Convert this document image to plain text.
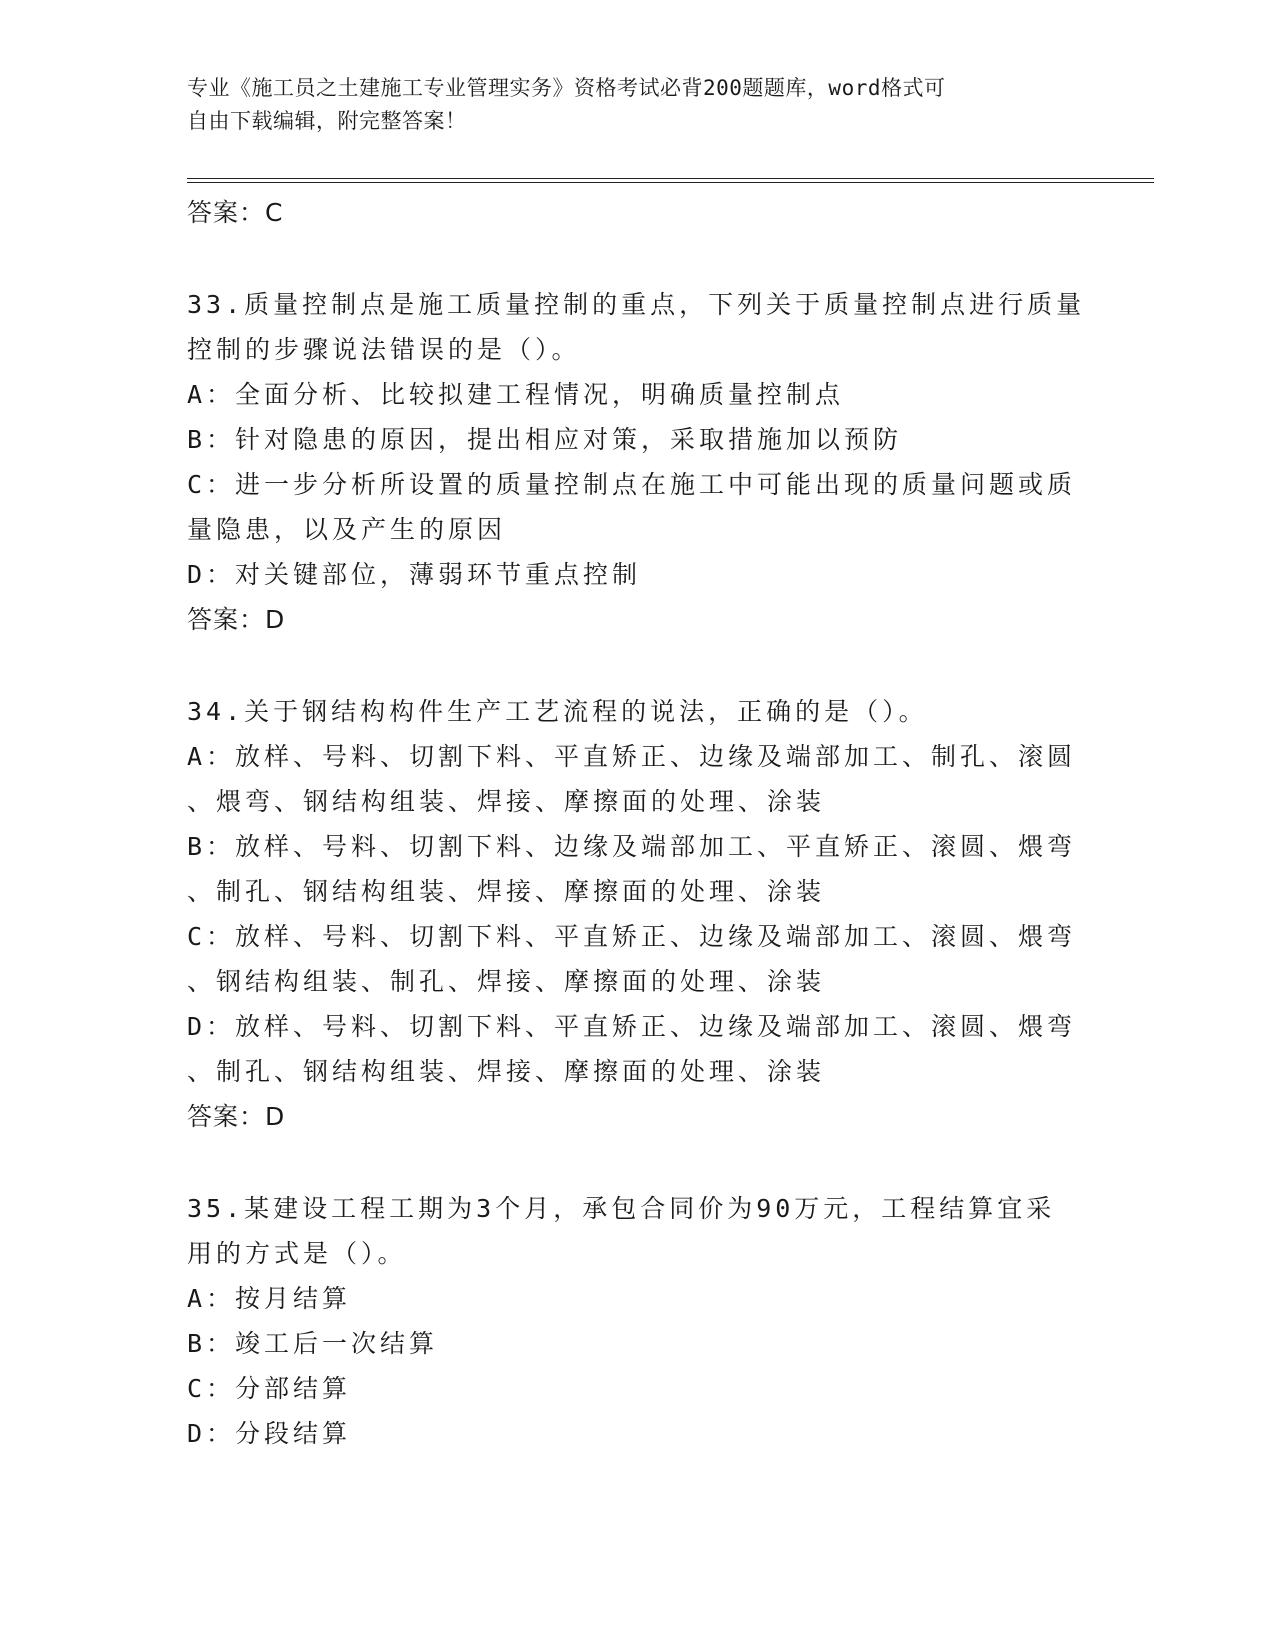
专业《施工员之土建施工专业管理实务》资格考试必背200题题库，word格式可
自由下载编辑，附完整答案！
答案：C
33.质量控制点是施工质量控制的重点，下列关于质量控制点进行质量
控制的步骤说法错误的是（）。
A：全面分析、比较拟建工程情况，明确质量控制点
B：针对隐患的原因，提出相应对策，采取措施加以预防
C：进一步分析所设置的质量控制点在施工中可能出现的质量问题或质
量隐患，以及产生的原因
D：对关键部位，薄弱环节重点控制
答案：D
34.关于钢结构构件生产工艺流程的说法，正确的是（）。
A：放样、号料、切割下料、平直矫正、边缘及端部加工、制孔、滚圆
、煨弯、钢结构组装、焊接、摩擦面的处理、涂装
B：放样、号料、切割下料、边缘及端部加工、平直矫正、滚圆、煨弯
、制孔、钢结构组装、焊接、摩擦面的处理、涂装
C：放样、号料、切割下料、平直矫正、边缘及端部加工、滚圆、煨弯
、钢结构组装、制孔、焊接、摩擦面的处理、涂装
D：放样、号料、切割下料、平直矫正、边缘及端部加工、滚圆、煨弯
、制孔、钢结构组装、焊接、摩擦面的处理、涂装
答案：D
35.某建设工程工期为3个月，承包合同价为90万元，工程结算宜采
用的方式是（）。
A：按月结算
B：竣工后一次结算
C：分部结算
D：分段结算
